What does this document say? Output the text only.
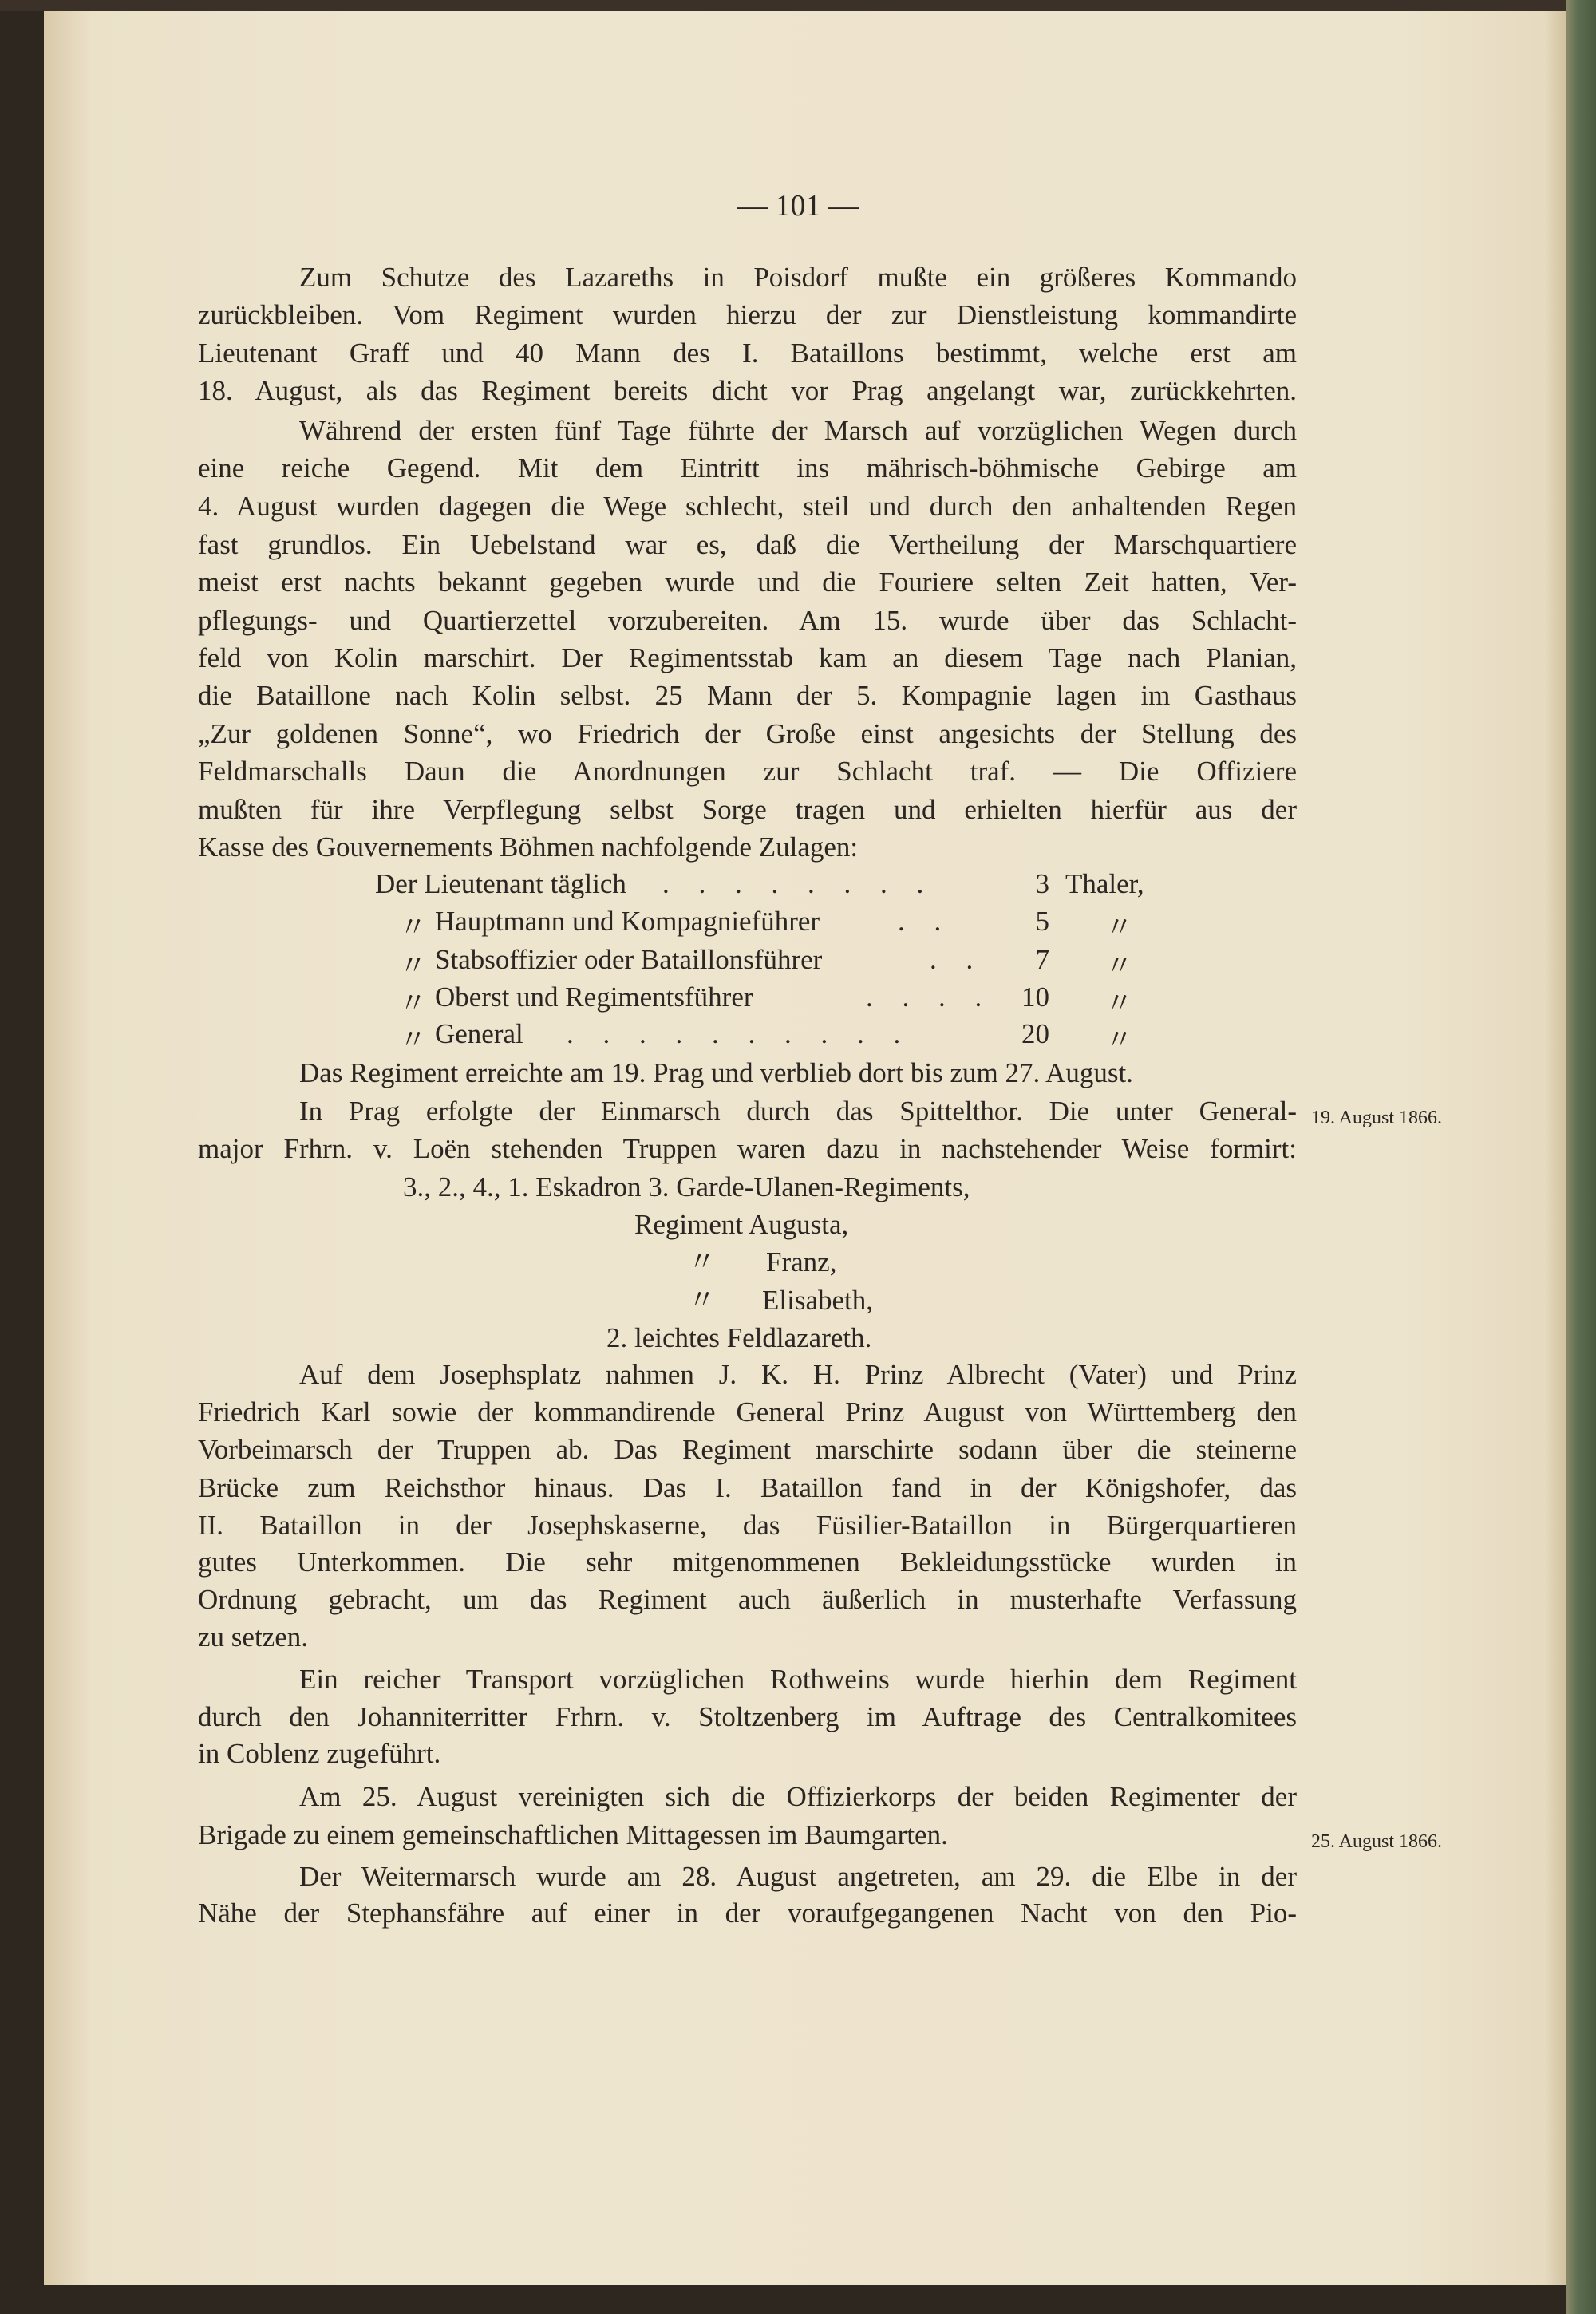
— 101 —
Zum Schutze des Lazareths in Poisdorf mußte ein größeres Kommando
zurückbleiben. Vom Regiment wurden hierzu der zur Dienstleistung kommandirte
Lieutenant Graff und 40 Mann des I. Bataillons bestimmt, welche erst am
18. August, als das Regiment bereits dicht vor Prag angelangt war, zurückkehrten.
Während der ersten fünf Tage führte der Marsch auf vorzüglichen Wegen durch
eine reiche Gegend. Mit dem Eintritt ins mährisch-böhmische Gebirge am
4. August wurden dagegen die Wege schlecht, steil und durch den anhaltenden Regen
fast grundlos. Ein Uebelstand war es, daß die Vertheilung der Marschquartiere
meist erst nachts bekannt gegeben wurde und die Fouriere selten Zeit hatten, Ver-
pflegungs- und Quartierzettel vorzubereiten. Am 15. wurde über das Schlacht-
feld von Kolin marschirt. Der Regimentsstab kam an diesem Tage nach Planian,
die Bataillone nach Kolin selbst. 25 Mann der 5. Kompagnie lagen im Gasthaus
„Zur goldenen Sonne“, wo Friedrich der Große einst angesichts der Stellung des
Feldmarschalls Daun die Anordnungen zur Schlacht traf. — Die Offiziere
mußten für ihre Verpflegung selbst Sorge tragen und erhielten hierfür aus der
Kasse des Gouvernements Böhmen nachfolgende Zulagen:
Der Lieutenant täglich . . . . . . . .	3 Thaler,
〃 Hauptmann und Kompagnieführer	. .	5 〃
〃 Stabsoffizier oder Bataillonsführer	. .	7 〃
〃 Oberst und Regimentsführer	. . . .	10 〃
〃 General . . . . . . . . . .	20 〃
Das Regiment erreichte am 19. Prag und verblieb dort bis zum 27. August.
In Prag erfolgte der Einmarsch durch das Spittelthor. Die unter General-
major Frhrn. v. Loën stehenden Truppen waren dazu in nachstehender Weise formirt:
3., 2., 4., 1. Eskadron 3. Garde-Ulanen-Regiments,
Regiment Augusta,
〃 Franz,
〃 Elisabeth,
2. leichtes Feldlazareth.
Auf dem Josephsplatz nahmen J. K. H. Prinz Albrecht (Vater) und Prinz
Friedrich Karl sowie der kommandirende General Prinz August von Württemberg den
Vorbeimarsch der Truppen ab. Das Regiment marschirte sodann über die steinerne
Brücke zum Reichsthor hinaus. Das I. Bataillon fand in der Königshofer, das
II. Bataillon in der Josephskaserne, das Füsilier-Bataillon in Bürgerquartieren
gutes Unterkommen. Die sehr mitgenommenen Bekleidungsstücke wurden in
Ordnung gebracht, um das Regiment auch äußerlich in musterhafte Verfassung
zu setzen.
Ein reicher Transport vorzüglichen Rothweins wurde hierhin dem Regiment
durch den Johanniterritter Frhrn. v. Stoltzenberg im Auftrage des Centralkomitees
in Coblenz zugeführt.
Am 25. August vereinigten sich die Offizierkorps der beiden Regimenter der
Brigade zu einem gemeinschaftlichen Mittagessen im Baumgarten.
Der Weitermarsch wurde am 28. August angetreten, am 29. die Elbe in der
Nähe der Stephansfähre auf einer in der voraufgegangenen Nacht von den Pio-
19. August 1866.
25. August 1866.
